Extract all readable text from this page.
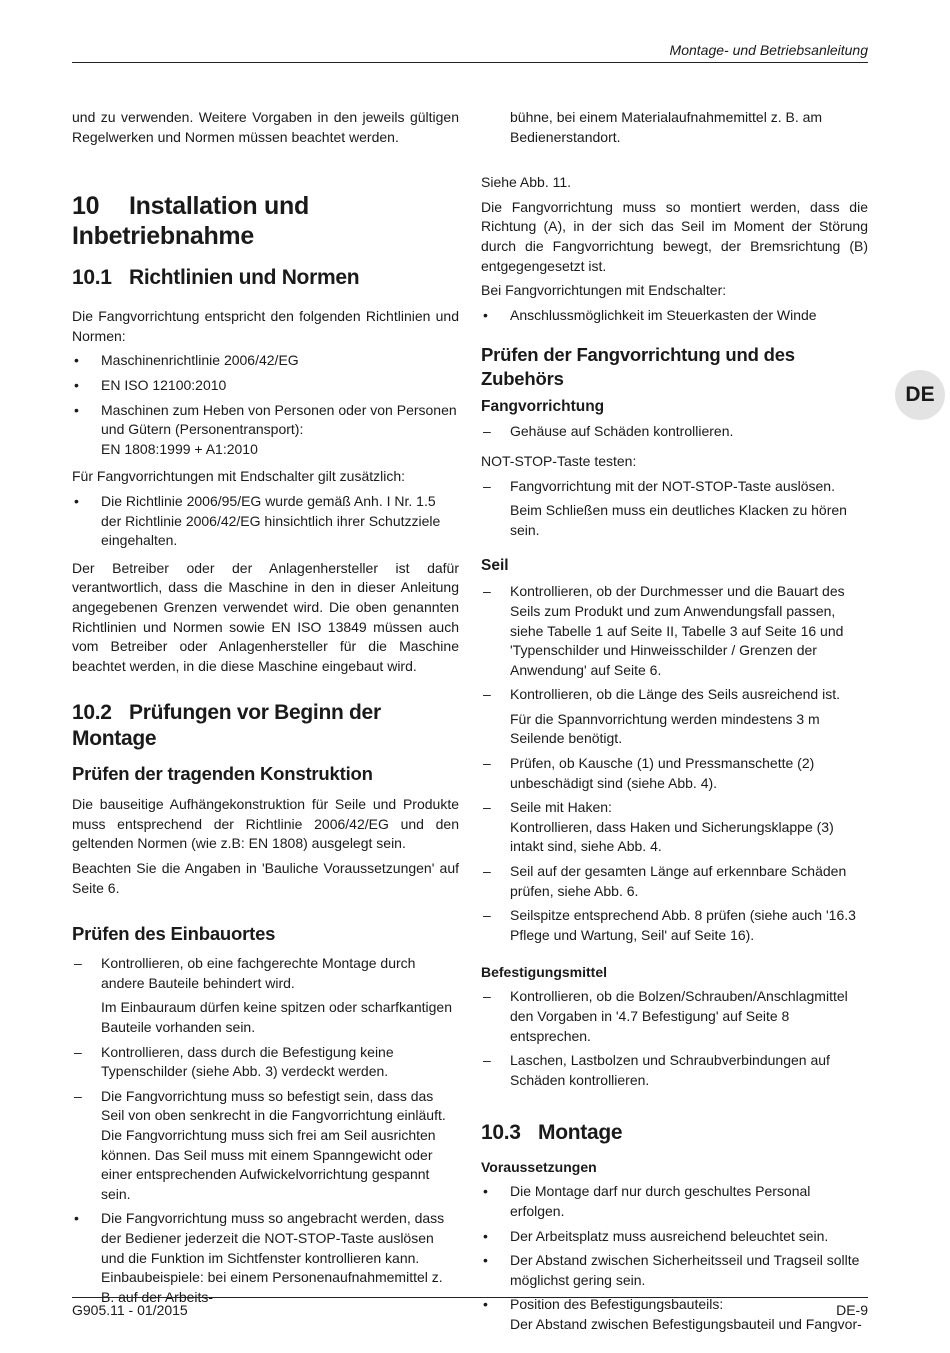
Montage- und Betriebsanleitung
DE

und zu verwenden. Weitere Vorgaben in den jeweils gültigen Regelwerken und Normen müssen beachtet werden.

10 Installation und Inbetriebnahme
10.1 Richtlinien und Normen

Die Fangvorrichtung entspricht den folgenden Richtlinien und Normen:

• Maschinenrichtlinie 2006/42/EG
• EN ISO 12100:2010
• Maschinen zum Heben von Personen oder von Personen und Gütern (Personentransport):
EN 1808:1999 + A1:2010

Für Fangvorrichtungen mit Endschalter gilt zusätzlich:

• Die Richtlinie 2006/95/EG wurde gemäß Anh. I Nr. 1.5 der Richtlinie 2006/42/EG hinsichtlich ihrer Schutzziele eingehalten.

Der Betreiber oder der Anlagenhersteller ist dafür verantwortlich, dass die Maschine in den in dieser Anleitung angegebenen Grenzen verwendet wird. Die oben genannten Richtlinien und Normen sowie EN ISO 13849 müssen auch vom Betreiber oder Anlagenhersteller für die Maschine beachtet werden, in die diese Maschine eingebaut wird.

10.2 Prüfungen vor Beginn der Montage
Prüfen der tragenden Konstruktion

Die bauseitige Aufhängekonstruktion für Seile und Produkte muss entsprechend der Richtlinie 2006/42/EG und den geltenden Normen (wie z.B: EN 1808) ausgelegt sein.

Beachten Sie die Angaben in 'Bauliche Voraussetzungen' auf Seite 6.

Prüfen des Einbauortes
– Kontrollieren, ob eine fachgerechte Montage durch andere Bauteile behindert wird.

Im Einbauraum dürfen keine spitzen oder scharfkantigen Bauteile vorhanden sein.

– Kontrollieren, dass durch die Befestigung keine Typenschilder (siehe Abb. 3) verdeckt werden.
– Die Fangvorrichtung muss so befestigt sein, dass das Seil von oben senkrecht in die Fangvorrichtung einläuft. Die Fangvorrichtung muss sich frei am Seil ausrichten können. Das Seil muss mit einem Spanngewicht oder einer entsprechenden Aufwickelvorrichtung gespannt sein.
• Die Fangvorrichtung muss so angebracht werden, dass der Bediener jederzeit die NOT-STOP-Taste auslösen und die Funktion im Sichtfenster kontrollieren kann. Einbaubeispiele: bei einem Personenaufnahmemittel z. B. auf der Arbeits-

bühne, bei einem Materialaufnahmemittel z. B. am Bedienerstandort.

Siehe Abb. 11.

Die Fangvorrichtung muss so montiert werden, dass die Richtung (A), in der sich das Seil im Moment der Störung durch die Fangvorrichtung bewegt, der Bremsrichtung (B) entgegengesetzt ist.

Bei Fangvorrichtungen mit Endschalter:

• Anschlussmöglichkeit im Steuerkasten der Winde
Prüfen der Fangvorrichtung und des Zubehörs
Fangvorrichtung
– Gehäuse auf Schäden kontrollieren.

NOT-STOP-Taste testen:

– Fangvorrichtung mit der NOT-STOP-Taste auslösen.

Beim Schließen muss ein deutliches Klacken zu hören sein.

Seil
– Kontrollieren, ob der Durchmesser und die Bauart des Seils zum Produkt und zum Anwendungsfall passen, siehe Tabelle 1 auf Seite II, Tabelle 3 auf Seite 16 und 'Typenschilder und Hinweisschilder / Grenzen der Anwendung' auf Seite 6.
– Kontrollieren, ob die Länge des Seils ausreichend ist.

Für die Spannvorrichtung werden mindestens 3 m Seilende benötigt.

– Prüfen, ob Kausche (1) und Pressmanschette (2) unbeschädigt sind (siehe Abb. 4).
– Seile mit Haken:
Kontrollieren, dass Haken und Sicherungsklappe (3) intakt sind, siehe Abb. 4.
– Seil auf der gesamten Länge auf erkennbare Schäden prüfen, siehe Abb. 6.
– Seilspitze entsprechend Abb. 8 prüfen (siehe auch '16.3 Pflege und Wartung, Seil' auf Seite 16).
Befestigungsmittel
– Kontrollieren, ob die Bolzen/Schrauben/Anschlagmittel den Vorgaben in '4.7 Befestigung' auf Seite 8 entsprechen.
– Laschen, Lastbolzen und Schraubverbindungen auf Schäden kontrollieren.
10.3 Montage
Voraussetzungen
• Die Montage darf nur durch geschultes Personal erfolgen.
• Der Arbeitsplatz muss ausreichend beleuchtet sein.
• Der Abstand zwischen Sicherheitsseil und Tragseil sollte möglichst gering sein.
• Position des Befestigungsbauteils:
Der Abstand zwischen Befestigungsbauteil und Fangvor-
G905.11 - 01/2015	DE-9
